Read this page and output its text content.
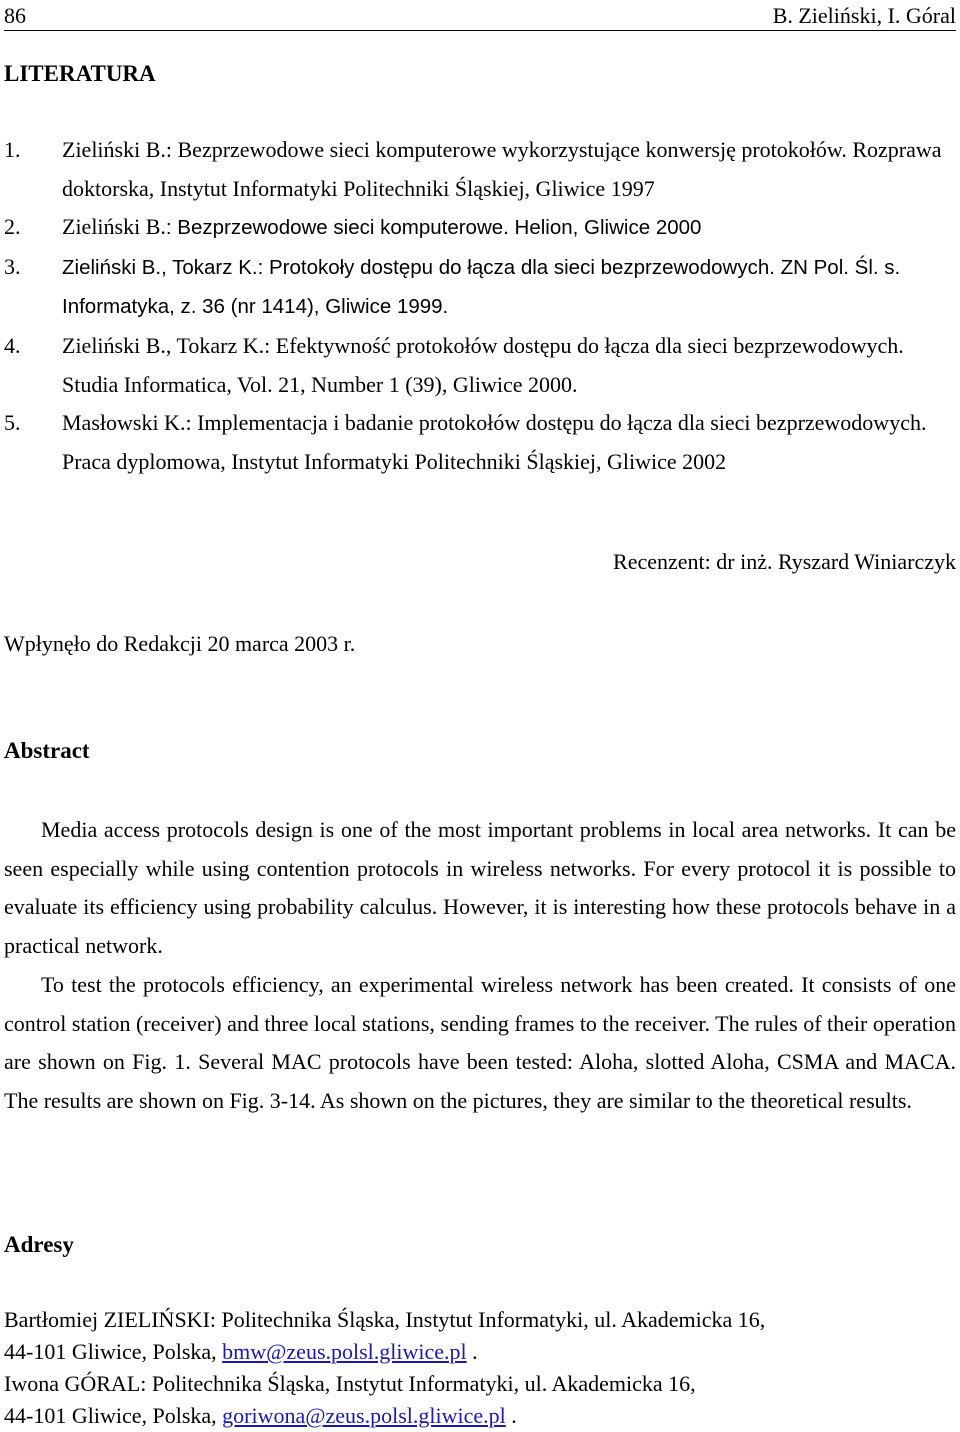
86	B. Zieliński, I. Góral
LITERATURA
1. Zieliński B.: Bezprzewodowe sieci komputerowe wykorzystujące konwersję protokołów. Rozprawa doktorska, Instytut Informatyki Politechniki Śląskiej, Gliwice 1997
2. Zieliński B.: Bezprzewodowe sieci komputerowe. Helion, Gliwice 2000
3. Zieliński B., Tokarz K.: Protokoły dostępu do łącza dla sieci bezprzewodowych. ZN Pol. Śl. s. Informatyka, z. 36 (nr 1414), Gliwice 1999.
4. Zieliński B., Tokarz K.: Efektywność protokołów dostępu do łącza dla sieci bezprzewodowych. Studia Informatica, Vol. 21, Number 1 (39), Gliwice 2000.
5. Masłowski K.: Implementacja i badanie protokołów dostępu do łącza dla sieci bezprzewodowych. Praca dyplomowa, Instytut Informatyki Politechniki Śląskiej, Gliwice 2002
Recenzent: dr inż. Ryszard Winiarczyk
Wpłynęło do Redakcji 20 marca 2003 r.
Abstract

Media access protocols design is one of the most important problems in local area networks. It can be seen especially while using contention protocols in wireless networks. For every protocol it is possible to evaluate its efficiency using probability calculus. However, it is interesting how these protocols behave in a practical network.

To test the protocols efficiency, an experimental wireless network has been created. It consists of one control station (receiver) and three local stations, sending frames to the receiver. The rules of their operation are shown on Fig. 1. Several MAC protocols have been tested: Aloha, slotted Aloha, CSMA and MACA. The results are shown on Fig. 3-14. As shown on the pictures, they are similar to the theoretical results.

Adresy
Bartłomiej ZIELIŃSKI: Politechnika Śląska, Instytut Informatyki, ul. Akademicka 16,
44-101 Gliwice, Polska, bmw@zeus.polsl.gliwice.pl .
Iwona GÓRAL: Politechnika Śląska, Instytut Informatyki, ul. Akademicka 16,
44-101 Gliwice, Polska, goriwona@zeus.polsl.gliwice.pl .
